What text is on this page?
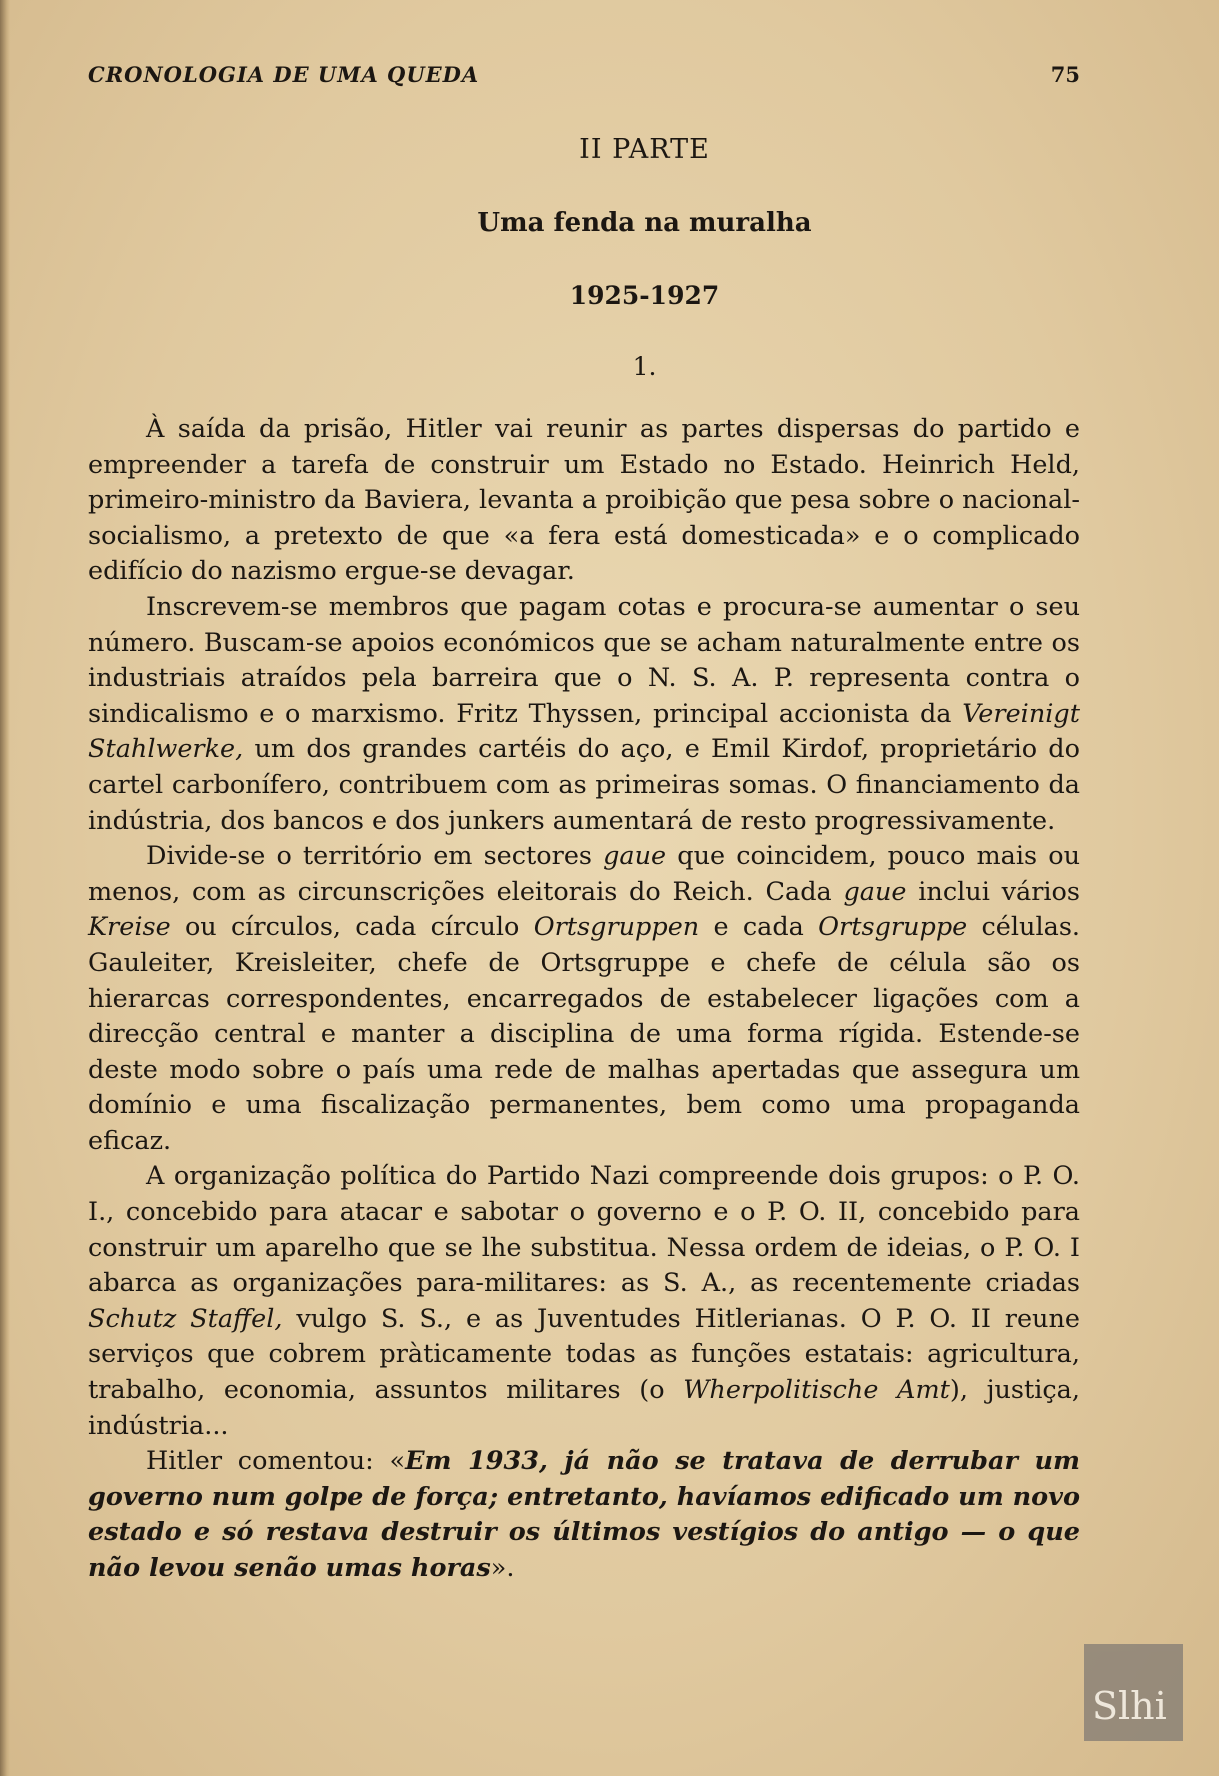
CRONOLOGIA DE UMA QUEDA	75
II PARTE
Uma fenda na muralha
1925-1927
1.

À saída da prisão, Hitler vai reunir as partes dispersas do partido e empreender a tarefa de construir um Estado no Estado. Heinrich Held, primeiro-ministro da Baviera, levanta a proibição que pesa sobre o nacional-socialismo, a pretexto de que «a fera está domesticada» e o complicado edifício do nazismo ergue-se devagar.

Inscrevem-se membros que pagam cotas e procura-se aumentar o seu número. Buscam-se apoios económicos que se acham naturalmente entre os industriais atraídos pela barreira que o N. S. A. P. representa contra o sindicalismo e o marxismo. Fritz Thyssen, principal accionista da Vereinigt Stahlwerke, um dos grandes cartéis do aço, e Emil Kirdof, proprietário do cartel carbonífero, contribuem com as primeiras somas. O financiamento da indústria, dos bancos e dos junkers aumentará de resto progressivamente.

Divide-se o território em sectores gaue que coincidem, pouco mais ou menos, com as circunscrições eleitorais do Reich. Cada gaue inclui vários Kreise ou círculos, cada círculo Ortsgruppen e cada Ortsgruppe células. Gauleiter, Kreisleiter, chefe de Ortsgruppe e chefe de célula são os hierarcas correspondentes, encarregados de estabelecer ligações com a direcção central e manter a disciplina de uma forma rígida. Estende-se deste modo sobre o país uma rede de malhas apertadas que assegura um domínio e uma fiscalização permanentes, bem como uma propaganda eficaz.

A organização política do Partido Nazi compreende dois grupos: o P. O. I., concebido para atacar e sabotar o governo e o P. O. II, concebido para construir um aparelho que se lhe substitua. Nessa ordem de ideias, o P. O. I abarca as organizações para-militares: as S. A., as recentemente criadas Schutz Staffel, vulgo S. S., e as Juventudes Hitlerianas. O P. O. II reune serviços que cobrem pràticamente todas as funções estatais: agricultura, trabalho, economia, assuntos militares (o Wherpolitische Amt), justiça, indústria...

Hitler comentou: «Em 1933, já não se tratava de derrubar um governo num golpe de força; entretanto, havíamos edificado um novo estado e só restava destruir os últimos vestígios do antigo — o que não levou senão umas horas».

Slhi
